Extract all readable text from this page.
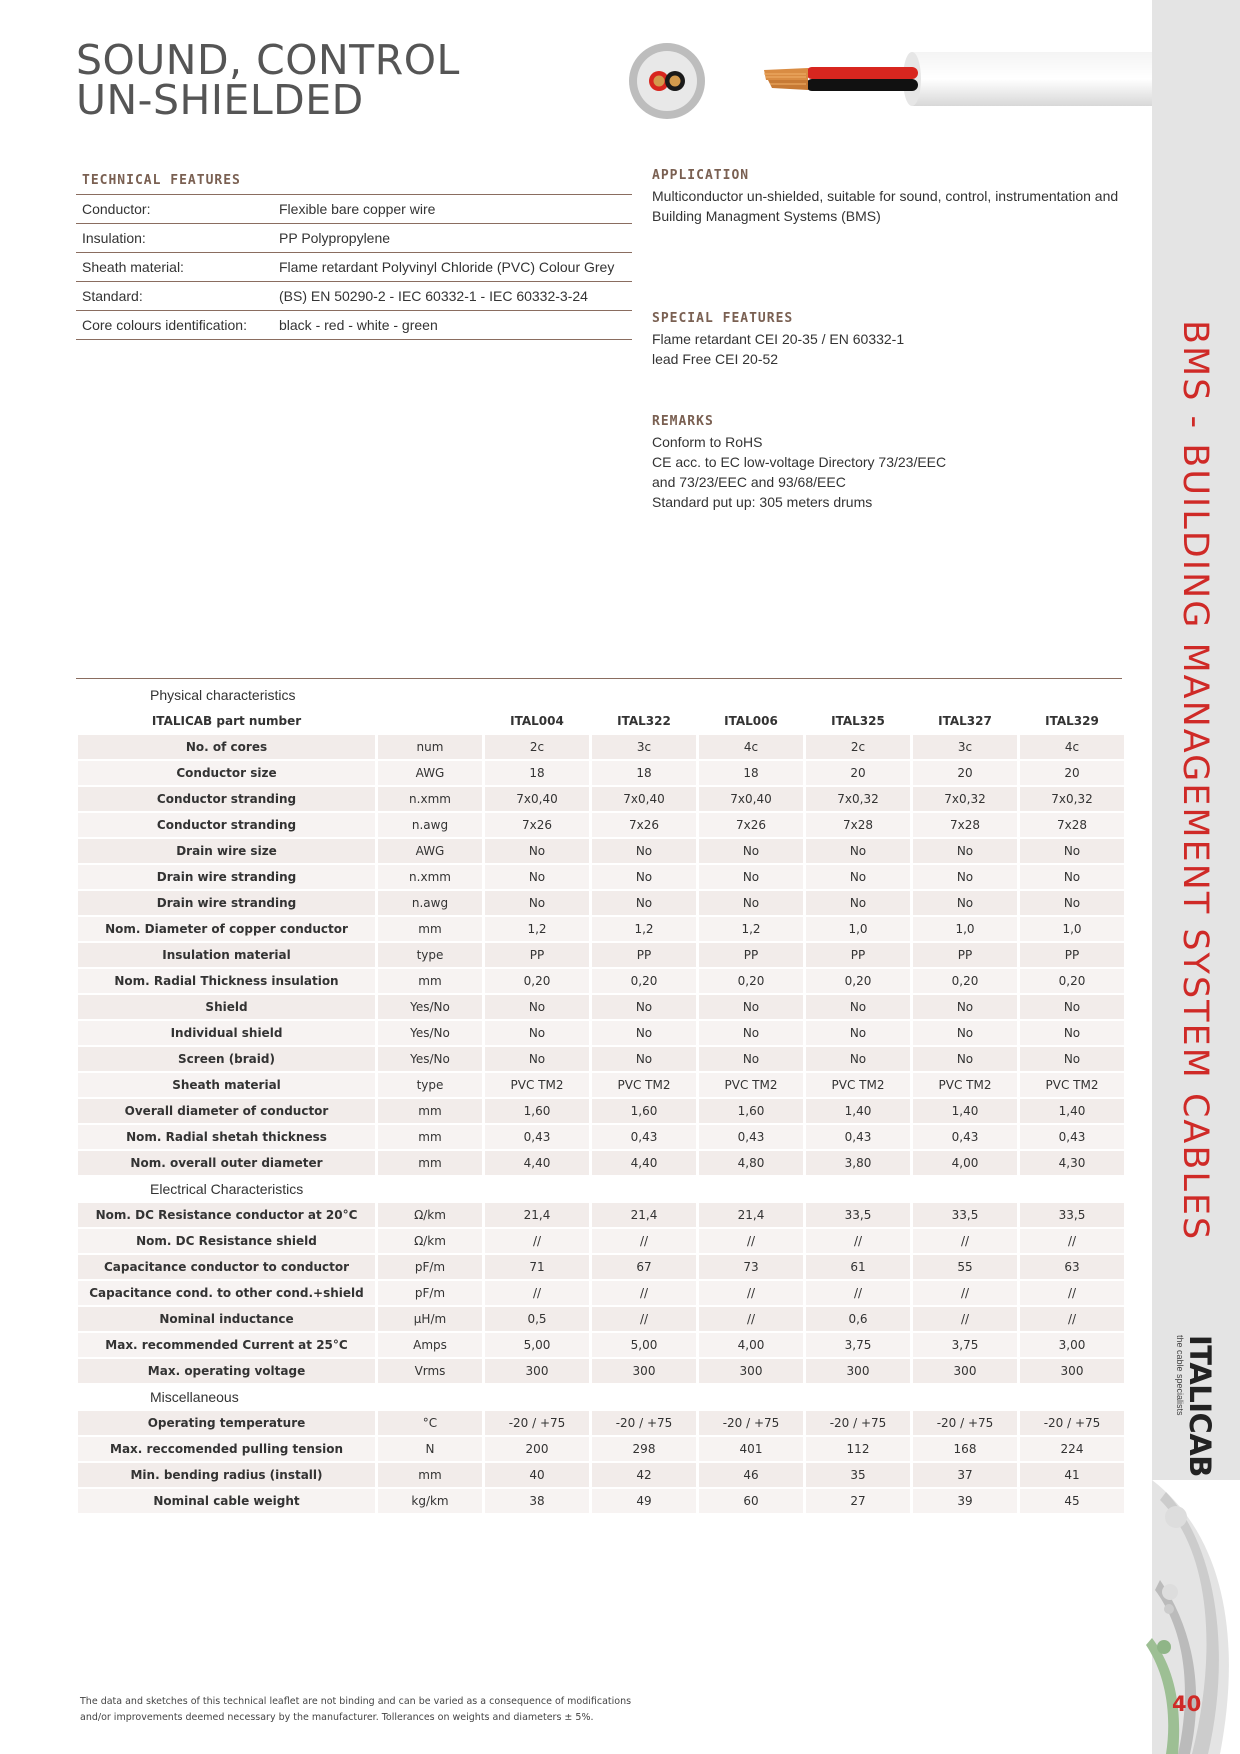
BMS - BUILDING MANAGEMENT SYSTEM CABLES
ITALICAB
the cable specialists
40
SOUND, CONTROL
UN-SHIELDED
TECHNICAL FEATURES
Conductor:	Flexible bare copper wire
Insulation:	PP Polypropylene
Sheath material:	Flame retardant Polyvinyl Chloride (PVC) Colour Grey
Standard:	(BS) EN 50290-2 - IEC 60332-1 - IEC 60332-3-24
Core colours identification:	black - red - white - green
APPLICATION
Multiconductor un-shielded, suitable for sound, control, instrumentation and
Building Managment Systems (BMS)
SPECIAL FEATURES
Flame retardant CEI 20-35 / EN 60332-1
lead Free CEI 20-52
REMARKS
Conform to RoHS
CE acc. to EC low-voltage Directory 73/23/EEC
and 73/23/EEC and 93/68/EEC
Standard put up: 305 meters drums
Physical characteristics							
ITALICAB part number		ITAL004	ITAL322	ITAL006	ITAL325	ITAL327	ITAL329
No. of cores	num	2c	3c	4c	2c	3c	4c
Conductor size	AWG	18	18	18	20	20	20
Conductor stranding	n.xmm	7x0,40	7x0,40	7x0,40	7x0,32	7x0,32	7x0,32
Conductor stranding	n.awg	7x26	7x26	7x26	7x28	7x28	7x28
Drain wire size	AWG	No	No	No	No	No	No
Drain wire stranding	n.xmm	No	No	No	No	No	No
Drain wire stranding	n.awg	No	No	No	No	No	No
Nom. Diameter of copper conductor	mm	1,2	1,2	1,2	1,0	1,0	1,0
Insulation material	type	PP	PP	PP	PP	PP	PP
Nom. Radial Thickness insulation	mm	0,20	0,20	0,20	0,20	0,20	0,20
Shield	Yes/No	No	No	No	No	No	No
Individual shield	Yes/No	No	No	No	No	No	No
Screen (braid)	Yes/No	No	No	No	No	No	No
Sheath material	type	PVC TM2	PVC TM2	PVC TM2	PVC TM2	PVC TM2	PVC TM2
Overall diameter of conductor	mm	1,60	1,60	1,60	1,40	1,40	1,40
Nom. Radial shetah thickness	mm	0,43	0,43	0,43	0,43	0,43	0,43
Nom. overall outer diameter	mm	4,40	4,40	4,80	3,80	4,00	4,30
Electrical Characteristics							
Nom. DC Resistance conductor at 20°C	Ω/km	21,4	21,4	21,4	33,5	33,5	33,5
Nom. DC Resistance shield	Ω/km	//	//	//	//	//	//
Capacitance conductor to conductor	pF/m	71	67	73	61	55	63
Capacitance cond. to other cond.+shield	pF/m	//	//	//	//	//	//
Nominal inductance	µH/m	0,5	//	//	0,6	//	//
Max. recommended Current at 25°C	Amps	5,00	5,00	4,00	3,75	3,75	3,00
Max. operating voltage	Vrms	300	300	300	300	300	300
Miscellaneous							
Operating temperature	°C	-20 / +75	-20 / +75	-20 / +75	-20 / +75	-20 / +75	-20 / +75
Max. reccomended pulling tension	N	200	298	401	112	168	224
Min. bending radius (install)	mm	40	42	46	35	37	41
Nominal cable weight	kg/km	38	49	60	27	39	45
The data and sketches of this technical leaflet are not binding and can be varied as a consequence of modifications
and/or improvements deemed necessary by the manufacturer. Tollerances on weights and diameters ± 5%.
